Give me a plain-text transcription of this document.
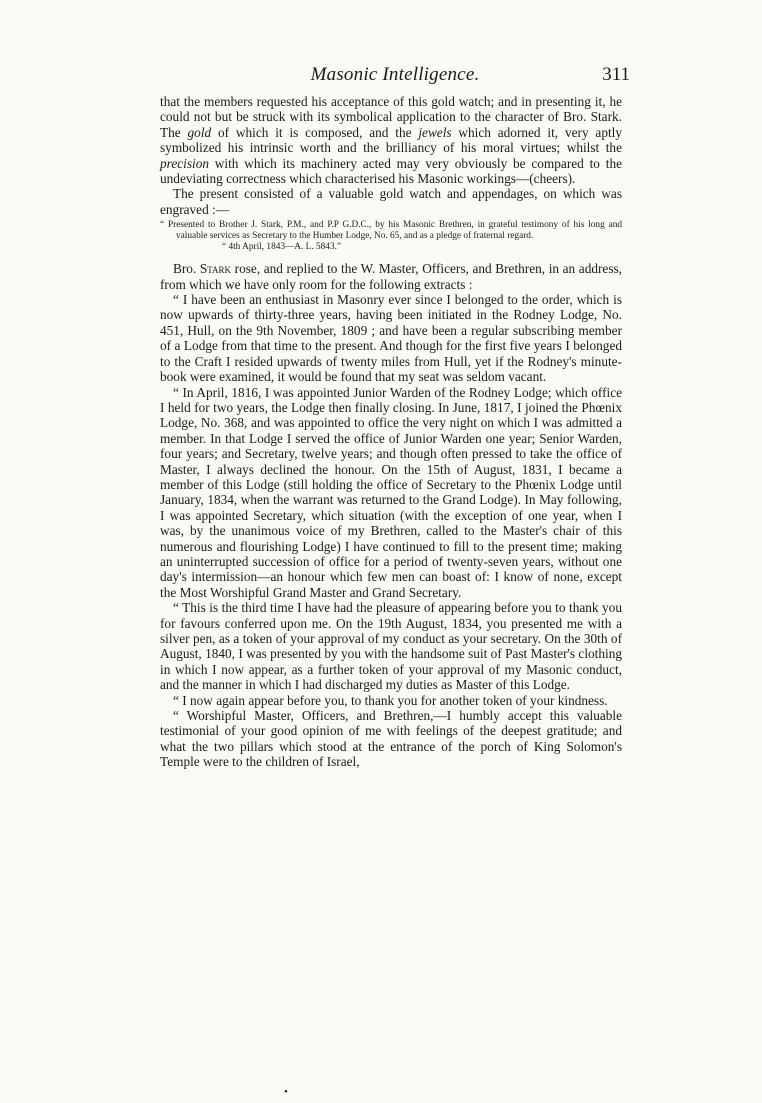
Masonic Intelligence.	311

that the members requested his acceptance of this gold watch; and in presenting it, he could not but be struck with its symbolical application to the character of Bro. Stark. The gold of which it is composed, and the jewels which adorned it, very aptly symbolized his intrinsic worth and the brilliancy of his moral virtues; whilst the precision with which its machinery acted may very obviously be compared to the undeviating correctness which characterised his Masonic workings—(cheers).

The present consisted of a valuable gold watch and appendages, on which was engraved :—

“ Presented to Brother J. Stark, P.M., and P.P G.D.C., by his Masonic Brethren, in grateful testimony of his long and valuable services as Secretary to the Humber Lodge, No. 65, and as a pledge of fraternal regard.
“ 4th April, 1843—A. L. 5843.”

Bro. Stark rose, and replied to the W. Master, Officers, and Brethren, in an address, from which we have only room for the following extracts :

“ I have been an enthusiast in Masonry ever since I belonged to the order, which is now upwards of thirty-three years, having been initiated in the Rodney Lodge, No. 451, Hull, on the 9th November, 1809 ; and have been a regular subscribing member of a Lodge from that time to the present. And though for the first five years I belonged to the Craft I resided upwards of twenty miles from Hull, yet if the Rodney's minute-book were examined, it would be found that my seat was seldom vacant.

“ In April, 1816, I was appointed Junior Warden of the Rodney Lodge; which office I held for two years, the Lodge then finally closing. In June, 1817, I joined the Phœnix Lodge, No. 368, and was appointed to office the very night on which I was admitted a member. In that Lodge I served the office of Junior Warden one year; Senior Warden, four years; and Secretary, twelve years; and though often pressed to take the office of Master, I always declined the honour. On the 15th of August, 1831, I became a member of this Lodge (still holding the office of Secretary to the Phœnix Lodge until January, 1834, when the warrant was returned to the Grand Lodge). In May following, I was appointed Secretary, which situation (with the exception of one year, when I was, by the unanimous voice of my Brethren, called to the Master's chair of this numerous and flourishing Lodge) I have continued to fill to the present time; making an uninterrupted succession of office for a period of twenty-seven years, without one day's intermission—an honour which few men can boast of: I know of none, except the Most Worshipful Grand Master and Grand Secretary.

“ This is the third time I have had the pleasure of appearing before you to thank you for favours conferred upon me. On the 19th August, 1834, you presented me with a silver pen, as a token of your approval of my conduct as your secretary. On the 30th of August, 1840, I was presented by you with the handsome suit of Past Master's clothing in which I now appear, as a further token of your approval of my Masonic conduct, and the manner in which I had discharged my duties as Master of this Lodge.

“ I now again appear before you, to thank you for another token of your kindness.

“ Worshipful Master, Officers, and Brethren,—I humbly accept this valuable testimonial of your good opinion of me with feelings of the deepest gratitude; and what the two pillars which stood at the entrance of the porch of King Solomon's Temple were to the children of Israel,

•
